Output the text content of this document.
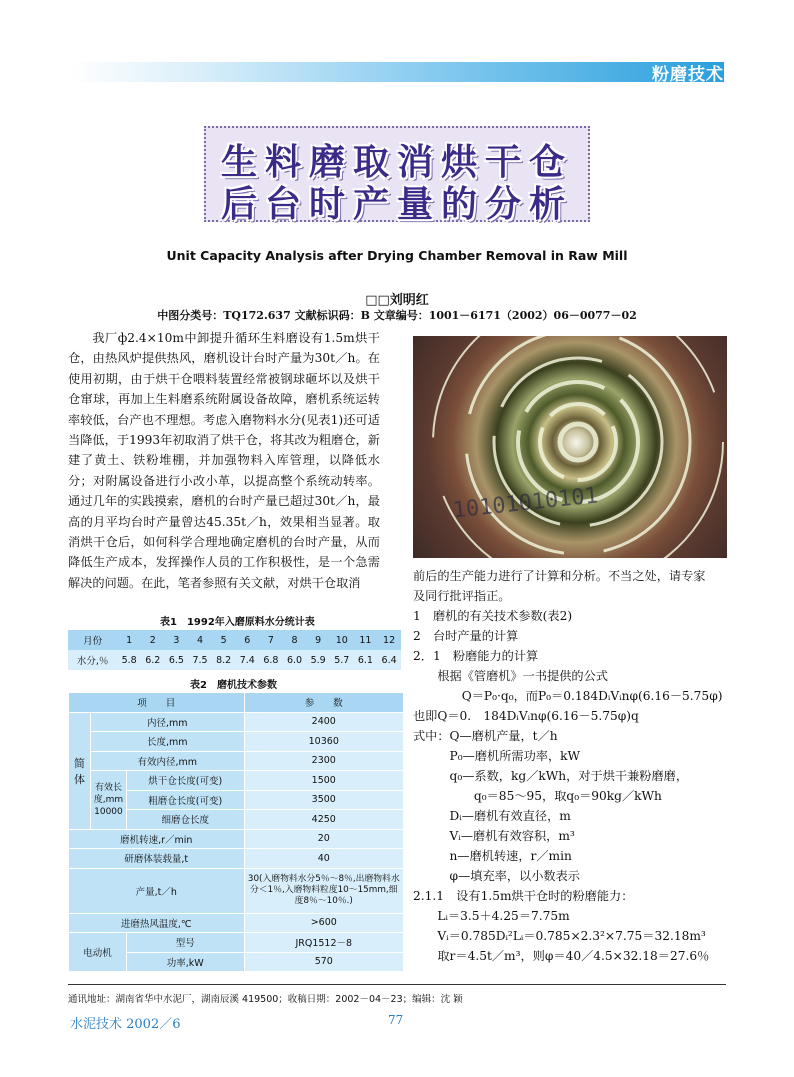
粉磨技术
生料磨取消烘干仓
后台时产量的分析
Unit Capacity Analysis after Drying Chamber Removal in Raw Mill
□□刘明红
中图分类号：TQ172.637 文献标识码：B 文章编号：1001－6171（2002）06－0077－02

我厂ф2.4×10m中卸提升循环生料磨设有1.5m烘干仓，由热风炉提供热风，磨机设计台时产量为30t／h。在使用初期，由于烘干仓喂料装置经常被钢球砸坏以及烘干仓窜球，再加上生料磨系统附属设备故障，磨机系统运转率较低，台产也不理想。考虑入磨物料水分(见表1)还可适当降低，于1993年初取消了烘干仓，将其改为粗磨仓，新建了黄土、铁粉堆棚，并加强物料入库管理，以降低水分；对附属设备进行小改小革，以提高整个系统动转率。通过几年的实践摸索，磨机的台时产量已超过30t／h，最高的月平均台时产量曾达45.35t／h，效果相当显著。取消烘干仓后，如何科学合理地确定磨机的台时产量，从而降低生产成本，发挥操作人员的工作积极性，是一个急需解决的问题。在此，笔者参照有关文献，对烘干仓取消

10101010101
前后的生产能力进行了计算和分析。不当之处，请专家
及同行批评指正。
1　磨机的有关技术参数(表2)
2　台时产量的计算
2．1　粉磨能力的计算
　　根据《管磨机》一书提供的公式
　　　　Q＝P₀·q₀，而P₀＝0.184DᵢVᵢnφ(6.16－5.75φ)
也即Q＝0.　184DᵢVᵢnφ(6.16－5.75φ)q
式中：Q—磨机产量，t／h
　　　P₀—磨机所需功率，kW
　　　q₀—系数，kg／kWh，对于烘干兼粉磨磨，
　　　　　q₀＝85～95，取q₀＝90kg／kWh
　　　Dᵢ—磨机有效直径，m
　　　Vᵢ—磨机有效容积，m³
　　　n—磨机转速，r／min
　　　φ—填充率，以小数表示
2.1.1　设有1.5m烘干仓时的粉磨能力：
　　Lᵢ＝3.5＋4.25＝7.75m
　　Vᵢ＝0.785Dᵢ²Lᵢ＝0.785×2.3²×7.75＝32.18m³
　　取r＝4.5t／m³，则φ＝40／4.5×32.18＝27.6％
表1　1992年入磨原料水分统计表
月份	1	2	3	4	5	6	7	8	9	10	11	12
水分,％	5.8	6.2	6.5	7.5	8.2	7.4	6.8	6.0	5.9	5.7	6.1	6.4
表2　磨机技术参数
项　　目			参　　数
简体	内径,mm		2400
	长度,mm		10360
	有效内径,mm		2300
	有效长度,mm 10000	烘干仓长度(可变)	1500
		粗磨仓长度(可变)	3500
		细磨仓长度	4250
磨机转速,r／min			20
研磨体装载量,t			40
产量,t／h			30(入磨物料水分5％～8％,出磨物料水分＜1％,入磨物料粒度10～15mm,细度8％～10％.)
进磨热风温度,℃			>600
电动机		型号	JRQ1512－8
		功率,kW	570
通讯地址：湖南省华中水泥厂，湖南辰溪 419500；收稿日期：2002－04－23；编辑：沈 颖
水泥技术 2002／6	77
